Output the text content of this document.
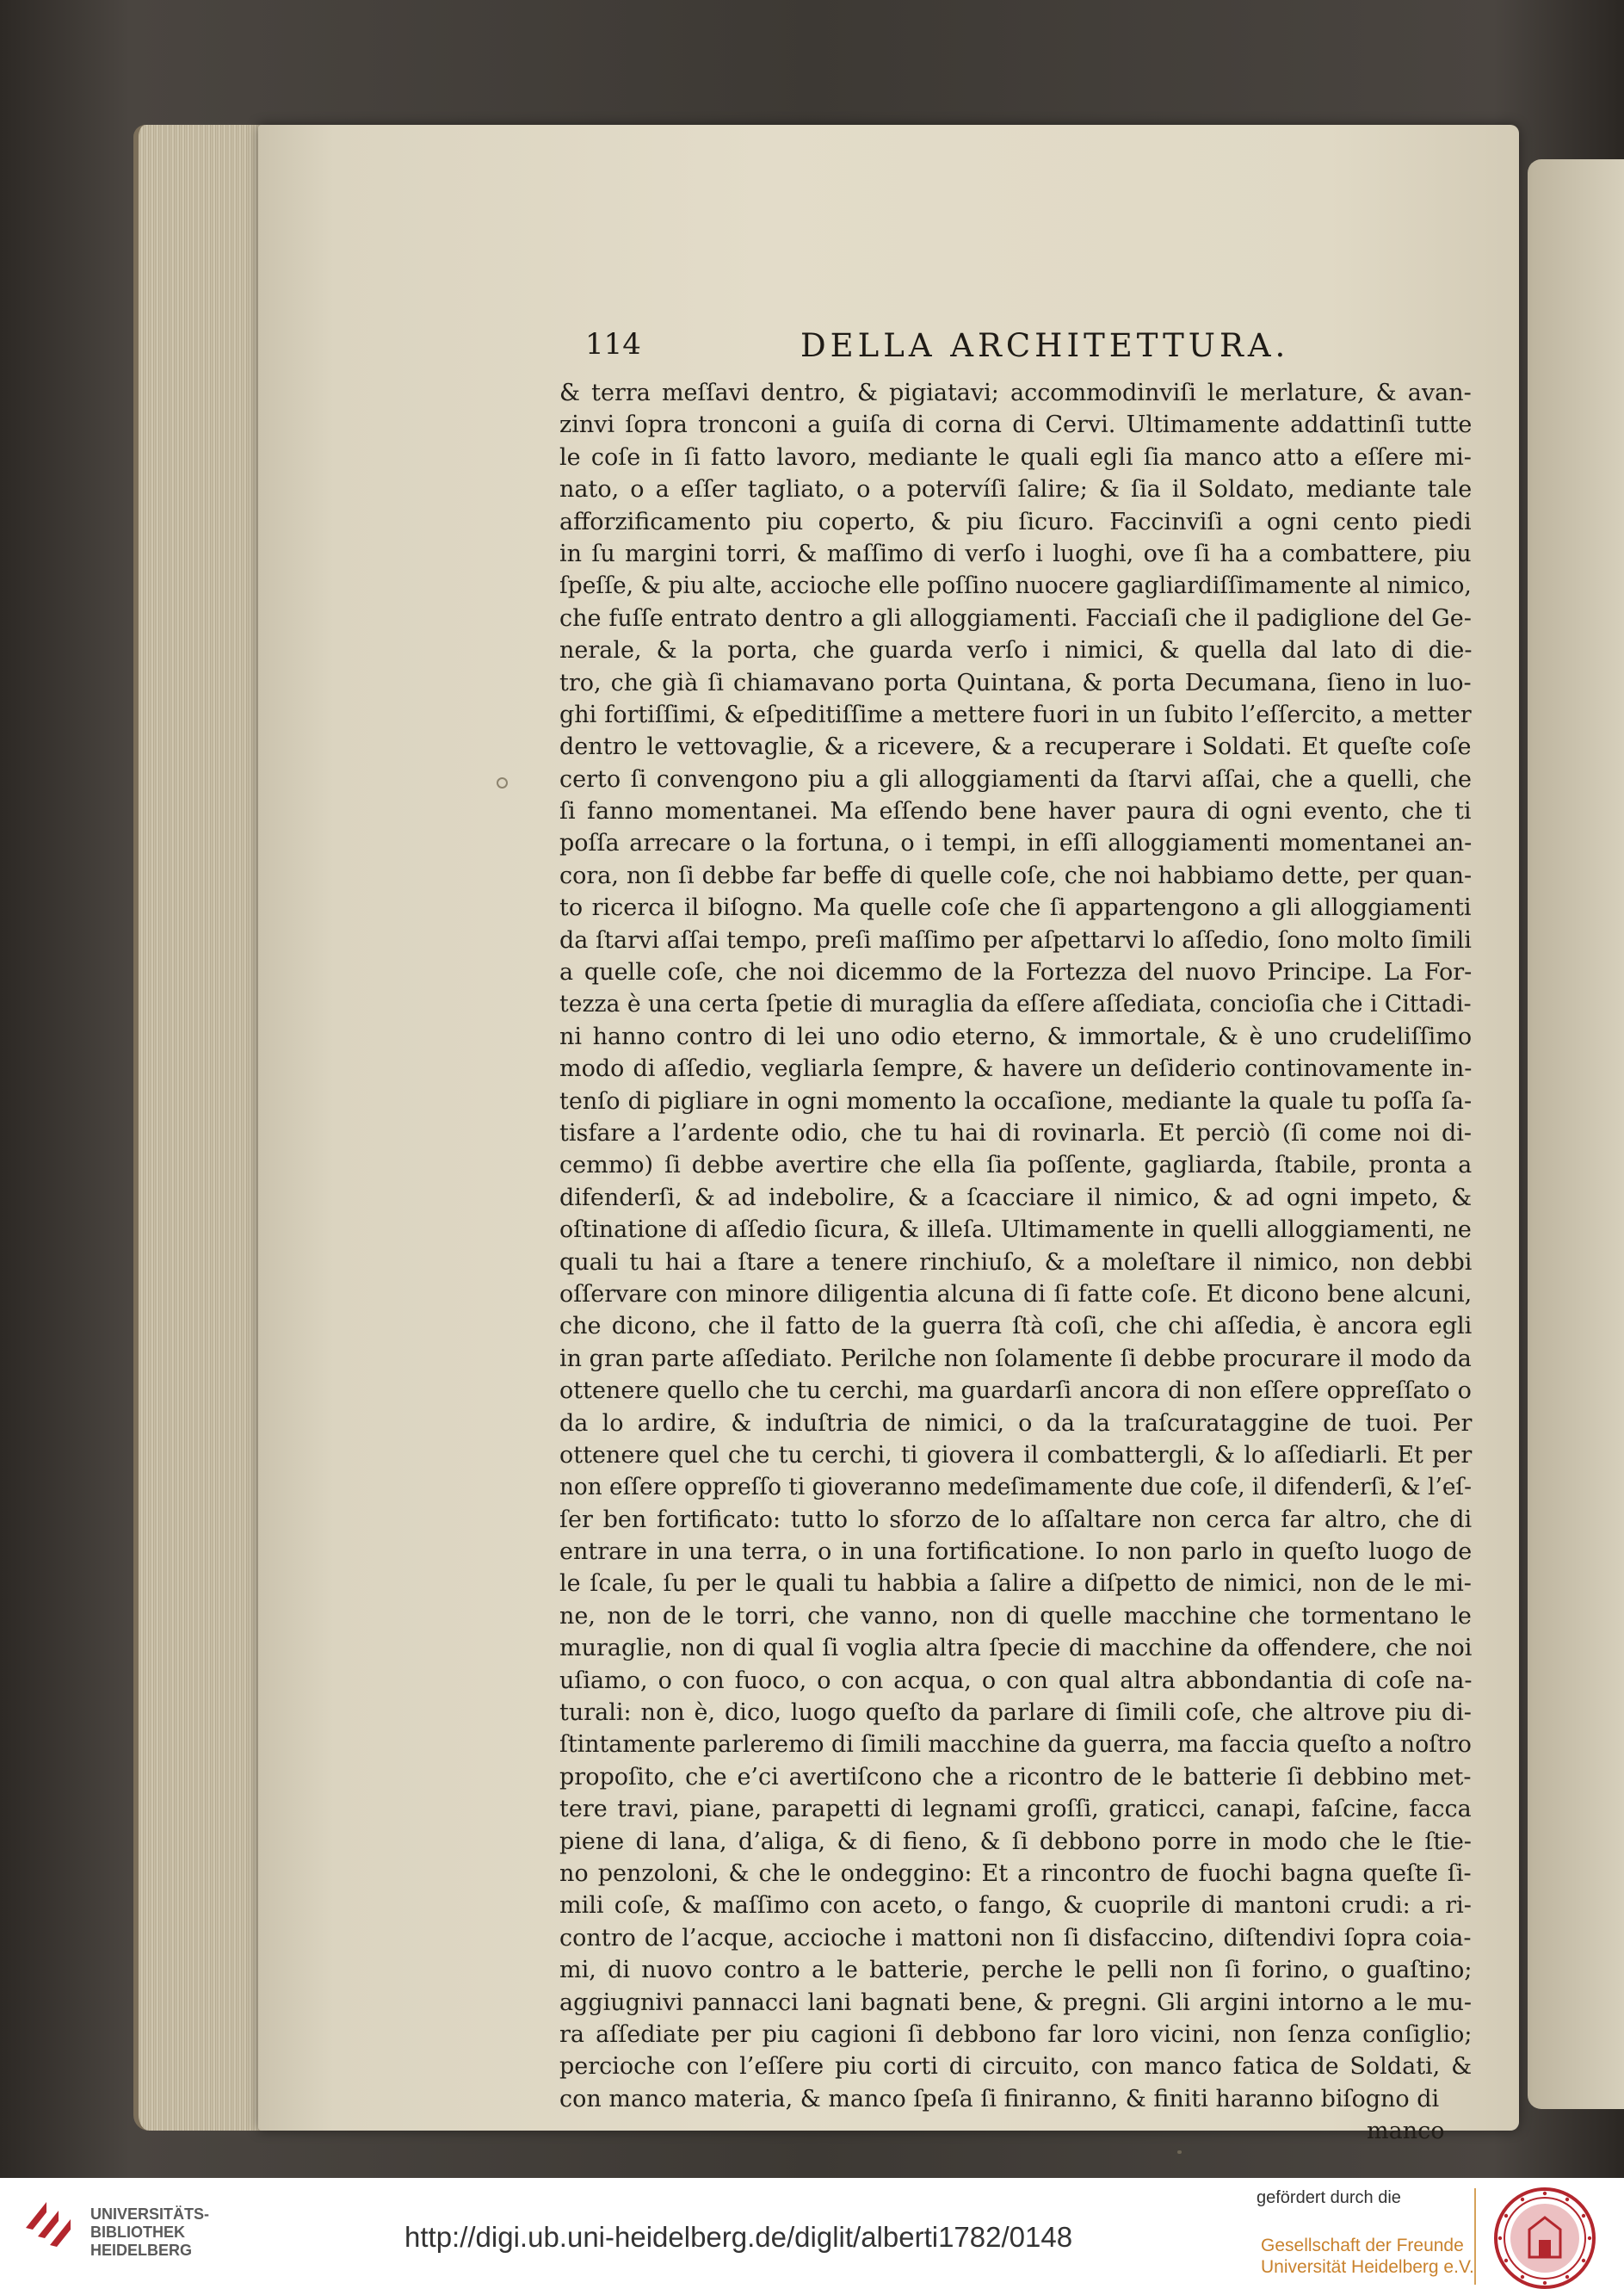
114	DELLA ARCHITETTURA.
& terra meſſavi dentro, & pigiatavi; accommodinviſi le merlature, & avan-
zinvi ſopra tronconi a guiſa di corna di Cervi. Ultimamente addattinſi tutte
le coſe in ſi fatto lavoro, mediante le quali egli ſia manco atto a eſſere mi-
nato, o a eſſer tagliato, o a potervíſi ſalire; & ſia il Soldato, mediante tale
afforzificamento piu coperto, & piu ſicuro. Faccinviſi a ogni cento piedi
in ſu margini torri, & maſſimo di verſo i luoghi, ove ſi ha a combattere, piu
ſpeſſe, & piu alte, accioche elle poſſino nuocere gagliardiſſimamente al nimico,
che fuſſe entrato dentro a gli alloggiamenti. Facciaſi che il padiglione del Ge-
nerale, & la porta, che guarda verſo i nimici, & quella dal lato di die-
tro, che già ſi chiamavano porta Quintana, & porta Decumana, ſieno in luo-
ghi fortiſſimi, & eſpeditiſſime a mettere fuori in un ſubito l’eſſercito, a metter
dentro le vettovaglie, & a ricevere, & a recuperare i Soldati. Et queſte coſe
certo ſi convengono piu a gli alloggiamenti da ſtarvi aſſai, che a quelli, che
ſi fanno momentanei. Ma eſſendo bene haver paura di ogni evento, che ti
poſſa arrecare o la fortuna, o i tempi, in eſſi alloggiamenti momentanei an-
cora, non ſi debbe far beffe di quelle coſe, che noi habbiamo dette, per quan-
to ricerca il biſogno. Ma quelle coſe che ſi appartengono a gli alloggiamenti
da ſtarvi aſſai tempo, preſi maſſimo per aſpettarvi lo aſſedio, ſono molto ſimili
a quelle coſe, che noi dicemmo de la Fortezza del nuovo Principe. La For-
tezza è una certa ſpetie di muraglia da eſſere aſſediata, concioſia che i Cittadi-
ni hanno contro di lei uno odio eterno, & immortale, & è uno crudeliſſimo
modo di aſſedio, vegliarla ſempre, & havere un deſiderio continovamente in-
tenſo di pigliare in ogni momento la occaſione, mediante la quale tu poſſa ſa-
tisfare a l’ardente odio, che tu hai di rovinarla. Et perciò (ſi come noi di-
cemmo) ſi debbe avertire che ella ſia poſſente, gagliarda, ſtabile, pronta a
difenderſi, & ad indebolire, & a ſcacciare il nimico, & ad ogni impeto, &
oſtinatione di aſſedio ſicura, & illeſa. Ultimamente in quelli alloggiamenti, ne
quali tu hai a ſtare a tenere rinchiuſo, & a moleſtare il nimico, non debbi
oſſervare con minore diligentia alcuna di ſi fatte coſe. Et dicono bene alcuni,
che dicono, che il fatto de la guerra ſtà coſi, che chi aſſedia, è ancora egli
in gran parte aſſediato. Perilche non ſolamente ſi debbe procurare il modo da
ottenere quello che tu cerchi, ma guardarſi ancora di non eſſere oppreſſato o
da lo ardire, & induſtria de nimici, o da la traſcurataggine de tuoi. Per
ottenere quel che tu cerchi, ti giovera il combattergli, & lo aſſediarli. Et per
non eſſere oppreſſo ti gioveranno medeſimamente due coſe, il difenderſi, & l’eſ-
ſer ben fortificato: tutto lo sforzo de lo aſſaltare non cerca far altro, che di
entrare in una terra, o in una fortificatione. Io non parlo in queſto luogo de
le ſcale, ſu per le quali tu habbia a ſalire a diſpetto de nimici, non de le mi-
ne, non de le torri, che vanno, non di quelle macchine che tormentano le
muraglie, non di qual ſi voglia altra ſpecie di macchine da offendere, che noi
uſiamo, o con fuoco, o con acqua, o con qual altra abbondantia di coſe na-
turali: non è, dico, luogo queſto da parlare di ſimili coſe, che altrove piu di-
ſtintamente parleremo di ſimili macchine da guerra, ma faccia queſto a noſtro
propoſito, che e’ci avertiſcono che a ricontro de le batterie ſi debbino met-
tere travi, piane, parapetti di legnami groſſi, graticci, canapi, faſcine, facca
piene di lana, d’aliga, & di fieno, & ſi debbono porre in modo che le ſtie-
no penzoloni, & che le ondeggino: Et a rincontro de fuochi bagna queſte ſi-
mili coſe, & maſſimo con aceto, o fango, & cuoprile di mantoni crudi: a ri-
contro de l’acque, accioche i mattoni non ſi disfaccino, diſtendivi ſopra coia-
mi, di nuovo contro a le batterie, perche le pelli non ſi forino, o guaſtino;
aggiugnivi pannacci lani bagnati bene, & pregni. Gli argini intorno a le mu-
ra aſſediate per piu cagioni ſi debbono far loro vicini, non ſenza conſiglio;
percioche con l’eſſere piu corti di circuito, con manco fatica de Soldati, &
con manco materia, & manco ſpeſa ſi finiranno, & finiti haranno biſogno di
manco
UNIVERSITÄTS-
BIBLIOTHEK
HEIDELBERG	http://digi.ub.uni-heidelberg.de/diglit/alberti1782/0148
gefördert durch die
Gesellschaft der Freunde
Universität Heidelberg e.V.
